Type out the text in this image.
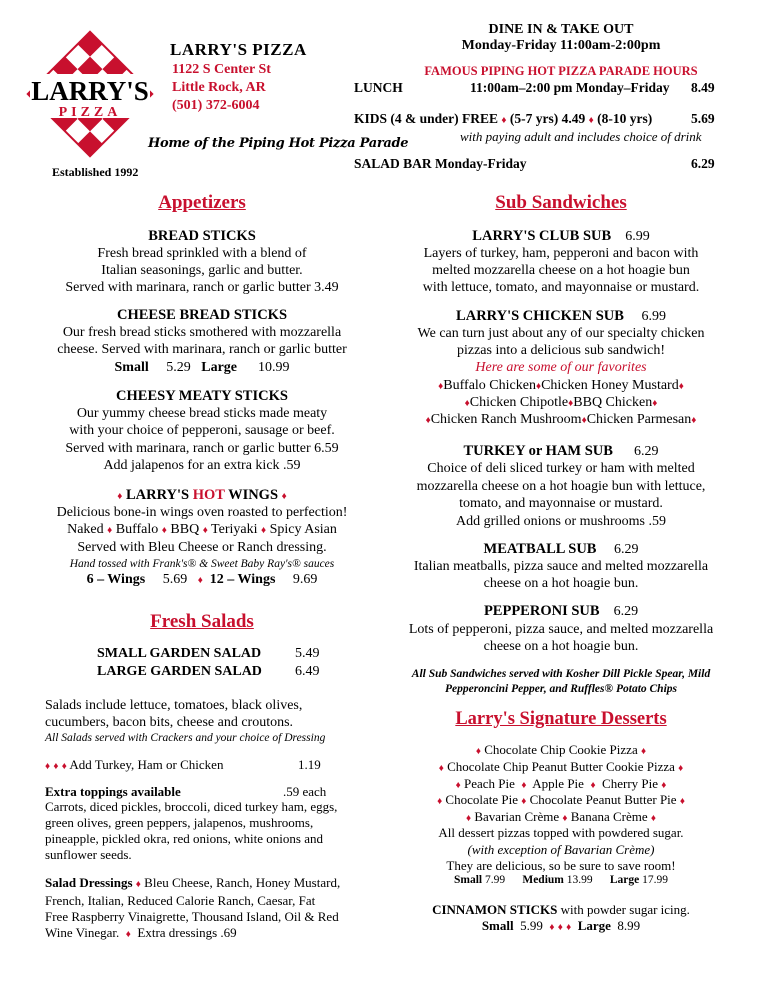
LARRY'S
PIZZA
LARRY'S PIZZA
1122 S Center St
Little Rock, AR
(501) 372-6004
Home of the Piping Hot Pizza Parade
Established 1992
DINE IN & TAKE OUT
Monday-Friday 11:00am-2:00pm
FAMOUS PIPING HOT PIZZA PARADE HOURS
LUNCH	11:00am–2:00 pm Monday–Friday 8.49
KIDS (4 & under) FREE ♦ (5-7 yrs) 4.49 ♦ (8-10 yrs)	5.69
with paying adult and includes choice of drink
SALAD BAR Monday-Friday	6.29
Appetizers
BREAD STICKS
Fresh bread sprinkled with a blend of
Italian seasonings, garlic and butter.
Served with marinara, ranch or garlic butter 3.49
CHEESE BREAD STICKS
Our fresh bread sticks smothered with mozzarella
cheese. Served with marinara, ranch or garlic butter
Small 5.29 Large 10.99
CHEESY MEATY STICKS
Our yummy cheese bread sticks made meaty
with your choice of pepperoni, sausage or beef.
Served with marinara, ranch or garlic butter 6.59
Add jalapenos for an extra kick .59
♦ LARRY'S HOT WINGS ♦
Delicious bone-in wings oven roasted to perfection!
Naked ♦ Buffalo ♦ BBQ ♦ Teriyaki ♦ Spicy Asian
Served with Bleu Cheese or Ranch dressing.
Hand tossed with Frank's® & Sweet Baby Ray's® sauces
6 – Wings 5.69 ♦ 12 – Wings 9.69
Fresh Salads
SMALL GARDEN SALAD 5.49
LARGE GARDEN SALAD 6.49
Salads include lettuce, tomatoes, black olives,
cucumbers, bacon bits, cheese and croutons.
All Salads served with Crackers and your choice of Dressing
♦ ♦ ♦ Add Turkey, Ham or Chicken	1.19
Extra toppings available	.59 each
Carrots, diced pickles, broccoli, diced turkey ham, eggs,
green olives, green peppers, jalapenos, mushrooms,
pineapple, pickled okra, red onions, white onions and
sunflower seeds.
Salad Dressings ♦ Bleu Cheese, Ranch, Honey Mustard,
French, Italian, Reduced Calorie Ranch, Caesar, Fat
Free Raspberry Vinaigrette, Thousand Island, Oil & Red
Wine Vinegar. ♦ Extra dressings .69
Sub Sandwiches
LARRY'S CLUB SUB 6.99
Layers of turkey, ham, pepperoni and bacon with
melted mozzarella cheese on a hot hoagie bun
with lettuce, tomato, and mayonnaise or mustard.
LARRY'S CHICKEN SUB 6.99
We can turn just about any of our specialty chicken
pizzas into a delicious sub sandwich!
Here are some of our favorites
♦Buffalo Chicken♦Chicken Honey Mustard♦
♦Chicken Chipotle♦BBQ Chicken♦
♦Chicken Ranch Mushroom♦Chicken Parmesan♦
TURKEY or HAM SUB 6.29
Choice of deli sliced turkey or ham with melted
mozzarella cheese on a hot hoagie bun with lettuce,
tomato, and mayonnaise or mustard.
Add grilled onions or mushrooms .59
MEATBALL SUB 6.29
Italian meatballs, pizza sauce and melted mozzarella
cheese on a hot hoagie bun.
PEPPERONI SUB 6.29
Lots of pepperoni, pizza sauce, and melted mozzarella
cheese on a hot hoagie bun.
All Sub Sandwiches served with Kosher Dill Pickle Spear, Mild
Pepperoncini Pepper, and Ruffles® Potato Chips
Larry's Signature Desserts
♦ Chocolate Chip Cookie Pizza ♦
♦ Chocolate Chip Peanut Butter Cookie Pizza ♦
♦ Peach Pie ♦ Apple Pie ♦ Cherry Pie ♦
♦ Chocolate Pie ♦ Chocolate Peanut Butter Pie ♦
♦ Bavarian Crème ♦ Banana Crème ♦
All dessert pizzas topped with powdered sugar.
(with exception of Bavarian Crème)
They are delicious, so be sure to save room!
Small 7.99 Medium 13.99 Large 17.99
CINNAMON STICKS with powder sugar icing.
Small 5.99 ♦ ♦ ♦ Large 8.99
